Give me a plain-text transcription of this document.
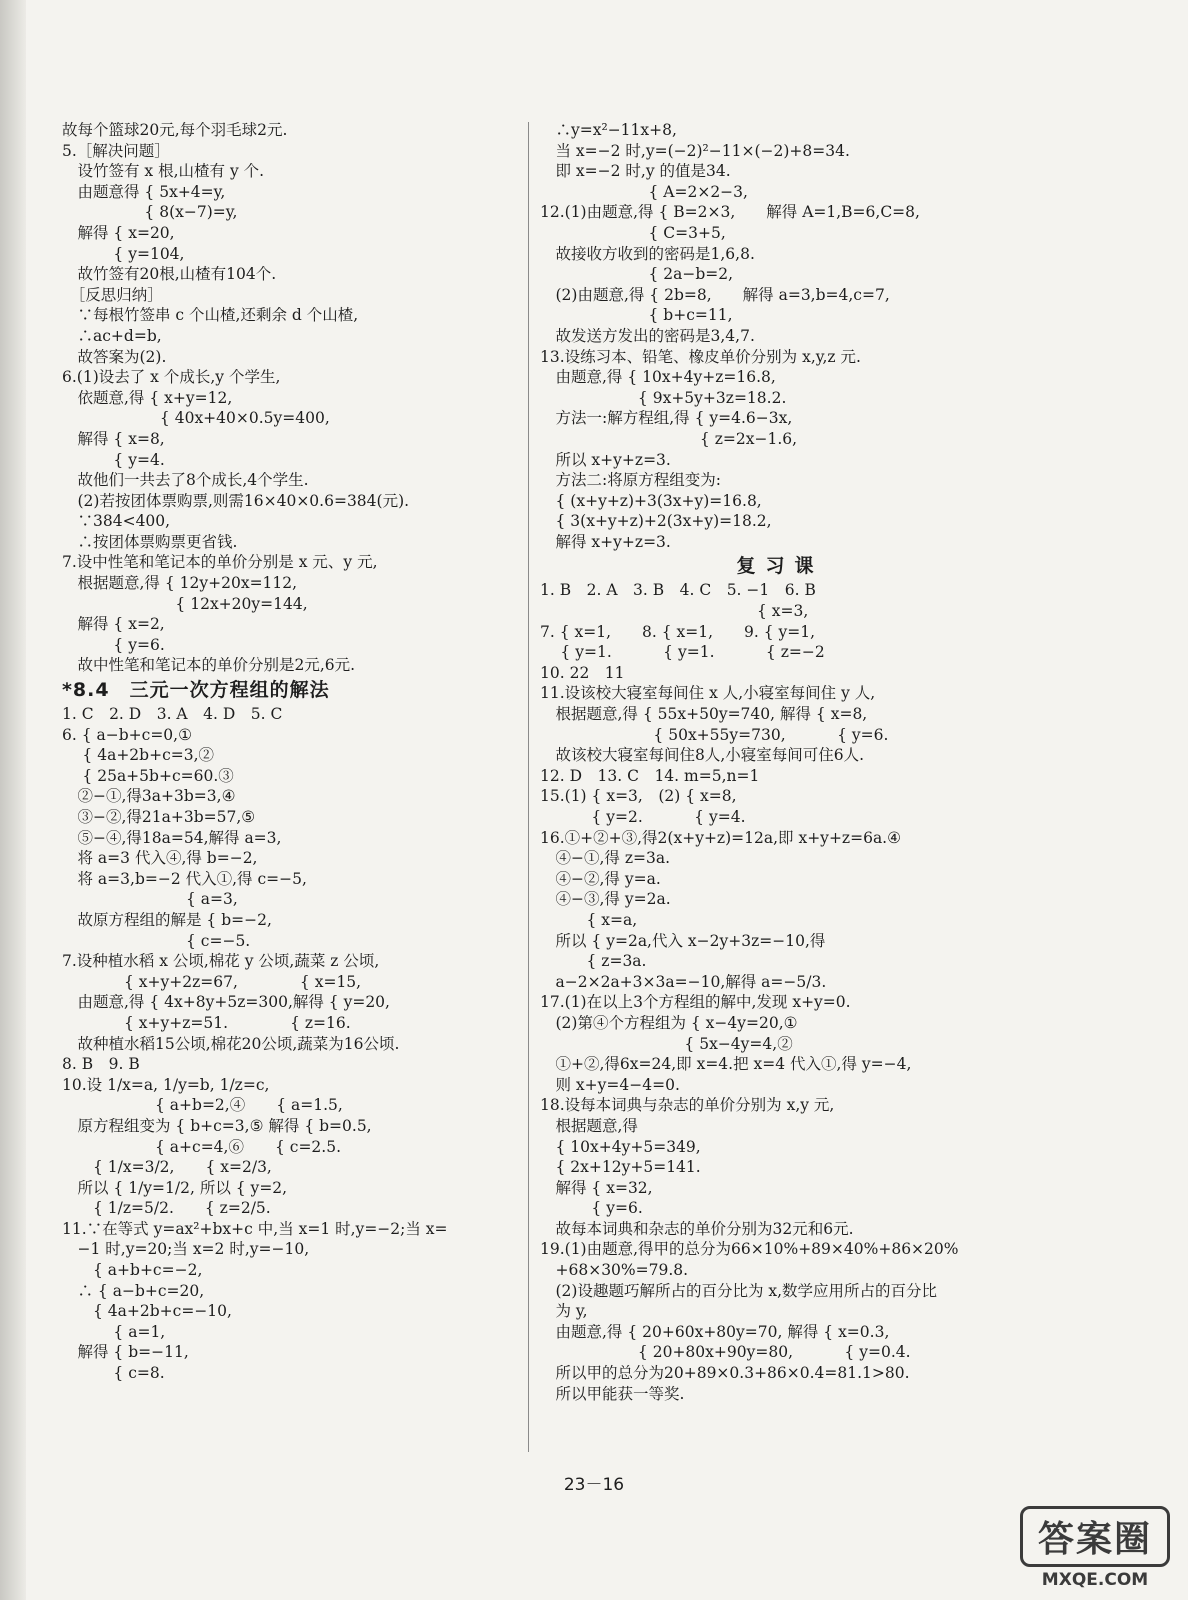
故每个篮球20元,每个羽毛球2元.
5.［解决问题］
　设竹签有 x 根,山楂有 y 个.
　由题意得 { 5x+4=y,
　　　　　 { 8(x−7)=y,
　解得 { x=20,
　　　 { y=104,
　故竹签有20根,山楂有104个.
　［反思归纳］
　∵每根竹签串 c 个山楂,还剩余 d 个山楂,
　∴ac+d=b,
　故答案为(2).
6.(1)设去了 x 个成长,y 个学生,
　依题意,得 { x+y=12,
　　　　　　 { 40x+40×0.5y=400,
　解得 { x=8,
　　　 { y=4.
　故他们一共去了8个成长,4个学生.
　(2)若按团体票购票,则需16×40×0.6=384(元).
　∵384<400,
　∴按团体票购票更省钱.
7.设中性笔和笔记本的单价分别是 x 元、y 元,
　根据题意,得 { 12y+20x=112,
　　　　　　　 { 12x+20y=144,
　解得 { x=2,
　　　 { y=6.
　故中性笔和笔记本的单价分别是2元,6元.
*8.4　三元一次方程组的解法
1. C　2. D　3. A　4. D　5. C
6. { a−b+c=0,①
　 { 4a+2b+c=3,②
　 { 25a+5b+c=60.③
　②−①,得3a+3b=3,④
　③−②,得21a+3b=57,⑤
　⑤−④,得18a=54,解得 a=3,
　将 a=3 代入④,得 b=−2,
　将 a=3,b=−2 代入①,得 c=−5,
　　　　　　　　{ a=3,
　故原方程组的解是 { b=−2,
　　　　　　　　{ c=−5.
7.设种植水稻 x 公顷,棉花 y 公顷,蔬菜 z 公顷,
　　　　{ x+y+2z=67,　　　　{ x=15,
　由题意,得 { 4x+8y+5z=300,解得 { y=20,
　　　　{ x+y+z=51.　　　　{ z=16.
　故种植水稻15公顷,棉花20公顷,蔬菜为16公顷.
8. B　9. B
10.设 1/x=a, 1/y=b, 1/z=c,
　　　　　　{ a+b=2,④　　{ a=1.5,
　原方程组变为 { b+c=3,⑤ 解得 { b=0.5,
　　　　　　{ a+c=4,⑥　　{ c=2.5.
　　{ 1/x=3/2,　　{ x=2/3,
　所以 { 1/y=1/2, 所以 { y=2,
　　{ 1/z=5/2.　　{ z=2/5.
11.∵在等式 y=ax²+bx+c 中,当 x=1 时,y=−2;当 x=
　−1 时,y=20;当 x=2 时,y=−10,
　　{ a+b+c=−2,
　∴ { a−b+c=20,
　　{ 4a+2b+c=−10,
　　　 { a=1,
　解得 { b=−11,
　　　 { c=8.
　∴y=x²−11x+8,
　当 x=−2 时,y=(−2)²−11×(−2)+8=34.
　即 x=−2 时,y 的值是34.
　　　　　　　{ A=2×2−3,
12.(1)由题意,得 { B=2×3,　　解得 A=1,B=6,C=8,
　　　　　　　{ C=3+5,
　故接收方收到的密码是1,6,8.
　　　　　　　{ 2a−b=2,
　(2)由题意,得 { 2b=8,　　解得 a=3,b=4,c=7,
　　　　　　　{ b+c=11,
　故发送方发出的密码是3,4,7.
13.设练习本、铅笔、橡皮单价分别为 x,y,z 元.
　由题意,得 { 10x+4y+z=16.8,
　　　　　　 { 9x+5y+3z=18.2.
　方法一:解方程组,得 { y=4.6−3x,
　　　　　　　　　　 { z=2x−1.6,
　所以 x+y+z=3.
　方法二:将原方程组变为:
　{ (x+y+z)+3(3x+y)=16.8,
　{ 3(x+y+z)+2(3x+y)=18.2,
　解得 x+y+z=3.
复习课
1. B　2. A　3. B　4. C　5. −1　6. B
　　　　　　　　　　　　　　{ x=3,
7. { x=1,　　8. { x=1,　　9. { y=1,
　 { y=1.　　　 { y=1.　　　 { z=−2
10. 22　11
11.设该校大寝室每间住 x 人,小寝室每间住 y 人,
　根据题意,得 { 55x+50y=740, 解得 { x=8,
　　　　　　　 { 50x+55y=730,　　　 { y=6.
　故该校大寝室每间住8人,小寝室每间可住6人.
12. D　13. C　14. m=5,n=1
15.(1) { x=3,　(2) { x=8,
　　　 { y=2.　　　 { y=4.
16.①+②+③,得2(x+y+z)=12a,即 x+y+z=6a.④
　④−①,得 z=3a.
　④−②,得 y=a.
　④−③,得 y=2a.
　　　{ x=a,
　所以 { y=2a,代入 x−2y+3z=−10,得
　　　{ z=3a.
　a−2×2a+3×3a=−10,解得 a=−5/3.
17.(1)在以上3个方程组的解中,发现 x+y=0.
　(2)第④个方程组为 { x−4y=20,①
　　　　　　　　　 { 5x−4y=4,②
　①+②,得6x=24,即 x=4.把 x=4 代入①,得 y=−4,
　则 x+y=4−4=0.
18.设每本词典与杂志的单价分别为 x,y 元,
　根据题意,得
　{ 10x+4y+5=349,
　{ 2x+12y+5=141.
　解得 { x=32,
　　　 { y=6.
　故每本词典和杂志的单价分别为32元和6元.
19.(1)由题意,得甲的总分为66×10%+89×40%+86×20%
　+68×30%=79.8.
　(2)设趣题巧解所占的百分比为 x,数学应用所占的百分比
　为 y,
　由题意,得 { 20+60x+80y=70, 解得 { x=0.3,
　　　　　　 { 20+80x+90y=80,　　　 { y=0.4.
　所以甲的总分为20+89×0.3+86×0.4=81.1>80.
　所以甲能获一等奖.
23－16
答案圈
MXQE.COM
